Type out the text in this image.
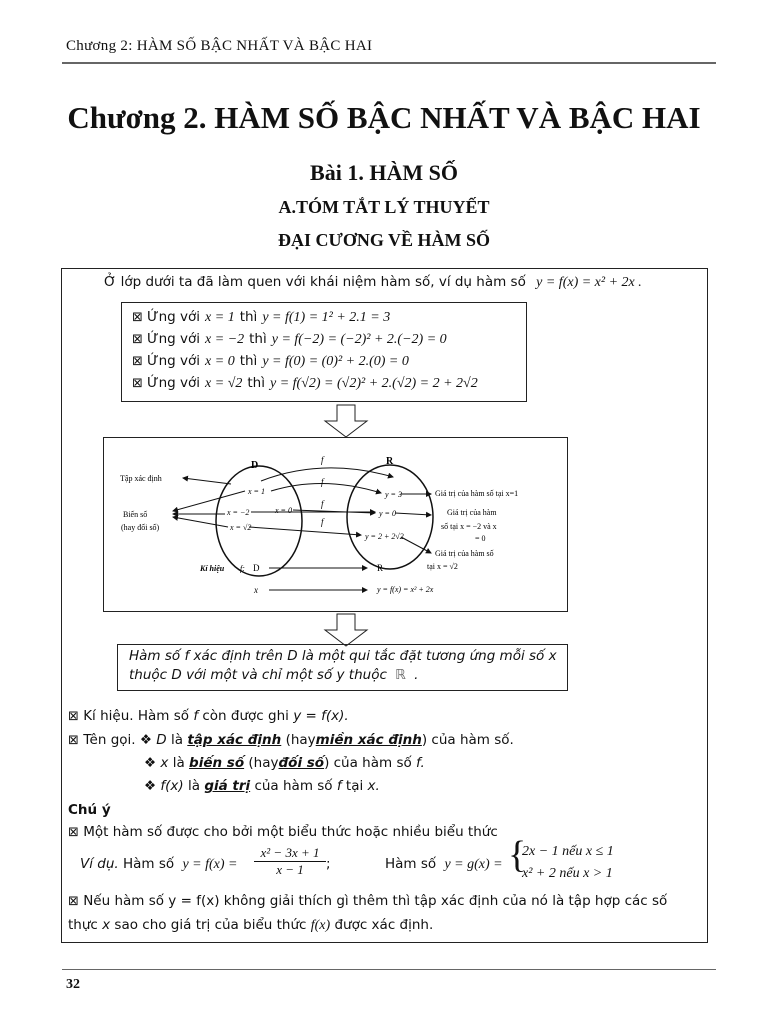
Chương 2: HÀM SỐ BẬC NHẤT VÀ BẬC HAI
Chương 2. HÀM SỐ BẬC NHẤT VÀ BẬC HAI
Bài 1. HÀM SỐ
A.TÓM TẮT LÝ THUYẾT
ĐẠI CƯƠNG VỀ HÀM SỐ
Ở lớp dưới ta đã làm quen với khái niệm hàm số, ví dụ hàm số y = f(x) = x² + 2x .
⊠ Ứng với x = 1 thì y = f(1) = 1² + 2.1 = 3
⊠ Ứng với x = −2 thì y = f(−2) = (−2)² + 2.(−2) = 0
⊠ Ứng với x = 0 thì y = f(0) = (0)² + 2.(0) = 0
⊠ Ứng với x = √2 thì y = f(√2) = (√2)² + 2.(√2) = 2 + 2√2
D	R
f
x = 1
x = −2	x = 0
x = √2
y = 3
y = 0
y = 2 + 2√2
f
f
f
Tập xác định
Biến số
(hay đối số)
Giá trị của hàm số tại x=1
Giá trị của hàm
số tại x = −2 và x
= 0
Giá trị của hàm số
tại x = √2
Kí hiệu f: D	R
x	y = f(x) = x² + 2x
Hàm số f xác định trên D là một qui tắc đặt tương ứng mỗi số x
thuộc D với một và chỉ một số y thuộc ℝ .
⊠ Kí hiệu. Hàm số f còn được ghi y = f(x).
⊠ Tên gọi. ❖ D là tập xác định (haymiền xác định) của hàm số.
❖ x là biến số (hayđối số) của hàm số f.
❖ f(x) là giá trị của hàm số f tại x.
Chú ý
⊠ Một hàm số được cho bởi một biểu thức hoặc nhiều biểu thức
Ví dụ. Hàm số $y = f(x) = \frac{\text{x² − 3x + 1}}{x - 1}$ ;	Hàm số y = g(x) = {
2x − 1 nếu x ≤ 1
x² + 2 nếu x > 1
⊠ Nếu hàm số y = f(x) không giải thích gì thêm thì tập xác định của nó là tập hợp các số
thực x sao cho giá trị của biểu thức f(x) được xác định.
32
